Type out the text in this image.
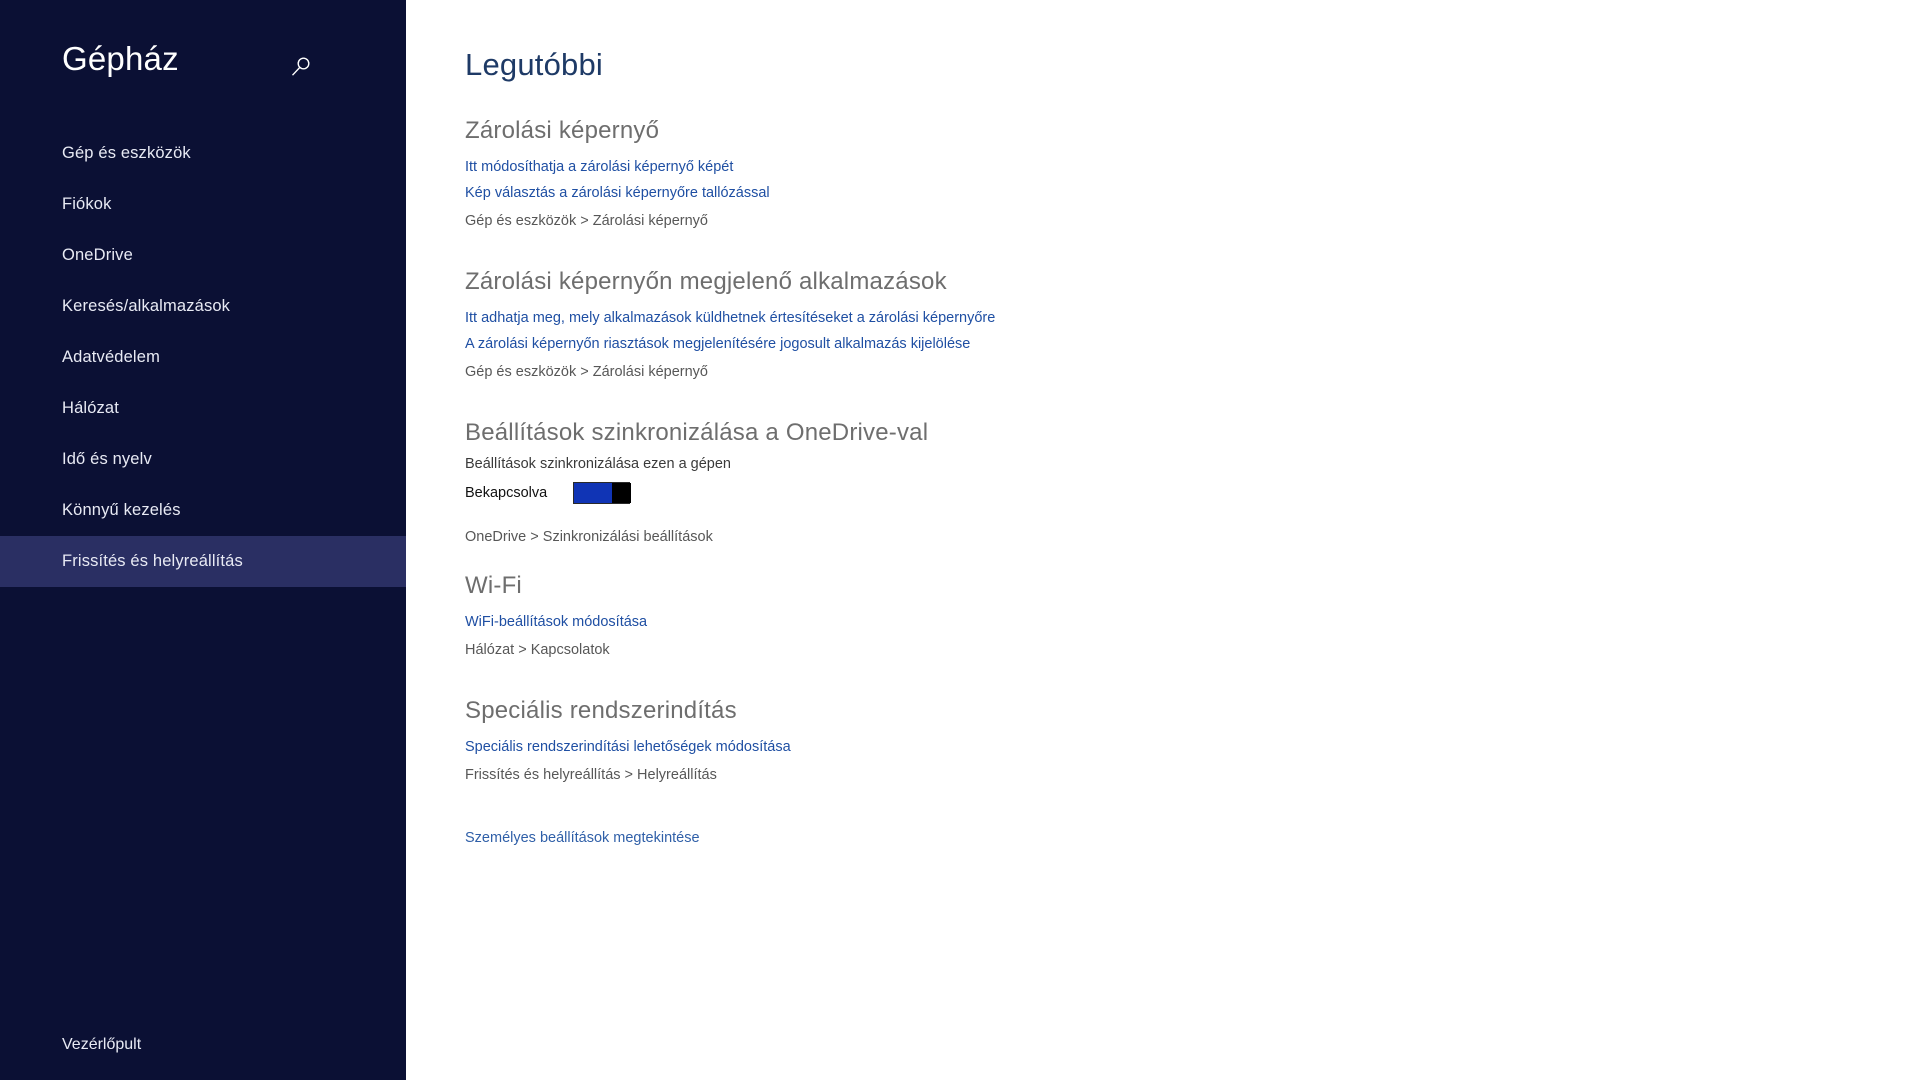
Gépház
Gép és eszközök
Fiókok
OneDrive
Keresés/alkalmazások
Adatvédelem
Hálózat
Idő és nyelv
Könnyű kezelés
Frissítés és helyreállítás
Vezérlőpult
Legutóbbi
Zárolási képernyő
Itt módosíthatja a zárolási képernyő képét
Kép választás a zárolási képernyőre tallózással
Gép és eszközök > Zárolási képernyő
Zárolási képernyőn megjelenő alkalmazások
Itt adhatja meg, mely alkalmazások küldhetnek értesítéseket a zárolási képernyőre
A zárolási képernyőn riasztások megjelenítésére jogosult alkalmazás kijelölése
Gép és eszközök > Zárolási képernyő
Beállítások szinkronizálása a OneDrive-val

Beállítások szinkronizálása ezen a gépen

Bekapcsolva
OneDrive > Szinkronizálási beállítások
Wi-Fi
WiFi-beállítások módosítása
Hálózat > Kapcsolatok
Speciális rendszerindítás
Speciális rendszerindítási lehetőségek módosítása
Frissítés és helyreállítás > Helyreállítás
Személyes beállítások megtekintése
